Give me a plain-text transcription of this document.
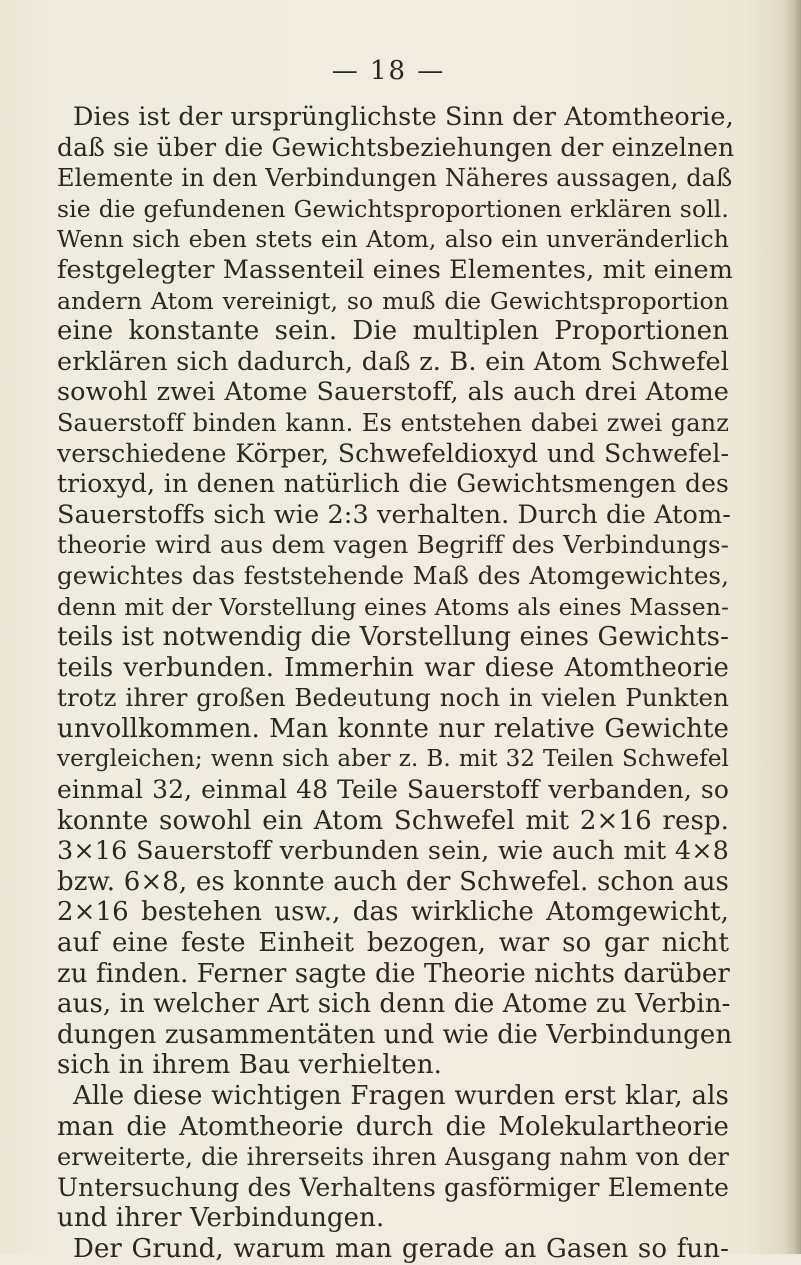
— 18 —
Dies ist der ursprünglichste Sinn der Atomtheorie,
daß sie über die Gewichtsbeziehungen der einzelnen
Elemente in den Verbindungen Näheres aussagen, daß
sie die gefundenen Gewichtsproportionen erklären soll.
Wenn sich eben stets ein Atom, also ein unveränderlich
festgelegter Massenteil eines Elementes, mit einem
andern Atom vereinigt, so muß die Gewichtsproportion
eine konstante sein. Die multiplen Proportionen
erklären sich dadurch, daß z. B. ein Atom Schwefel
sowohl zwei Atome Sauerstoff, als auch drei Atome
Sauerstoff binden kann. Es entstehen dabei zwei ganz
verschiedene Körper, Schwefeldioxyd und Schwefel-
trioxyd, in denen natürlich die Gewichtsmengen des
Sauerstoffs sich wie 2:3 verhalten. Durch die Atom-
theorie wird aus dem vagen Begriff des Verbindungs-
gewichtes das feststehende Maß des Atomgewichtes,
denn mit der Vorstellung eines Atoms als eines Massen-
teils ist notwendig die Vorstellung eines Gewichts-
teils verbunden. Immerhin war diese Atomtheorie
trotz ihrer großen Bedeutung noch in vielen Punkten
unvollkommen. Man konnte nur relative Gewichte
vergleichen; wenn sich aber z. B. mit 32 Teilen Schwefel
einmal 32, einmal 48 Teile Sauerstoff verbanden, so
konnte sowohl ein Atom Schwefel mit 2×16 resp.
3×16 Sauerstoff verbunden sein, wie auch mit 4×8
bzw. 6×8, es konnte auch der Schwefel. schon aus
2×16 bestehen usw., das wirkliche Atomgewicht,
auf eine feste Einheit bezogen, war so gar nicht
zu finden. Ferner sagte die Theorie nichts darüber
aus, in welcher Art sich denn die Atome zu Verbin-
dungen zusammentäten und wie die Verbindungen
sich in ihrem Bau verhielten.
Alle diese wichtigen Fragen wurden erst klar, als
man die Atomtheorie durch die Molekulartheorie
erweiterte, die ihrerseits ihren Ausgang nahm von der
Untersuchung des Verhaltens gasförmiger Elemente
und ihrer Verbindungen.
Der Grund, warum man gerade an Gasen so fun-
